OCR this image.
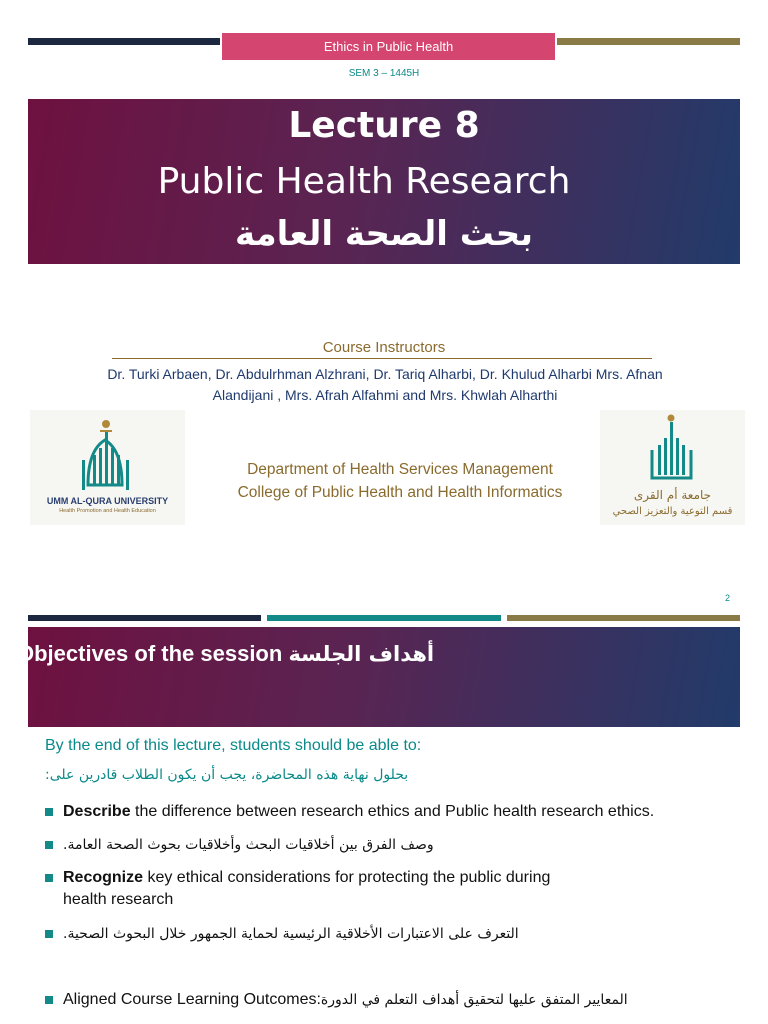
Ethics in Public Health
SEM 3 – 1445H
Lecture 8
Public Health Research
بحث الصحة العامة
Course Instructors
Dr. Turki Arbaen, Dr. Abdulrhman Alzhrani, Dr. Tariq Alharbi, Dr. Khulud Alharbi Mrs. Afnan Alandijani , Mrs. Afrah Alfahmi and Mrs. Khwlah Alharthi
UMM AL-QURA UNIVERSITY
Health Promotion and Health Education
Department of Health Services Management
College of Public Health and Health Informatics	جامعة أم القرى
قسم التوعية والتعزيز الصحي
2
Objectives of the session أهداف الجلسة
By the end of this lecture, students should be able to:
بحلول نهاية هذه المحاضرة، يجب أن يكون الطلاب قادرين على:
Describe the difference between research ethics and Public health research ethics.
وصف الفرق بين أخلاقيات البحث وأخلاقيات بحوث الصحة العامة.
Recognize key ethical considerations for protecting the public during health research
التعرف على الاعتبارات الأخلاقية الرئيسية لحماية الجمهور خلال البحوث الصحية.
Aligned Course Learning Outcomes:المعايير المتفق عليها لتحقيق أهداف التعلم في الدورة
